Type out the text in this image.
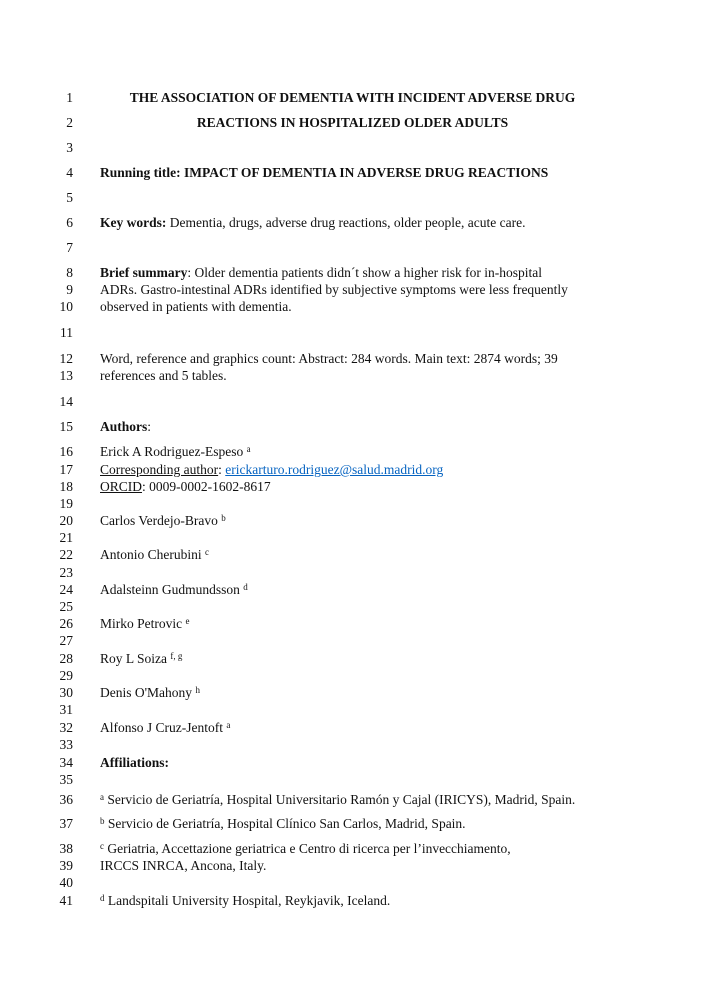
1	THE ASSOCIATION OF DEMENTIA WITH INCIDENT ADVERSE DRUG
2	REACTIONS IN HOSPITALIZED OLDER ADULTS
3
4 Running title: IMPACT OF DEMENTIA IN ADVERSE DRUG REACTIONS
5
6 Key words: Dementia, drugs, adverse drug reactions, older people, acute care.
7
8 Brief summary: Older dementia patients didn´t show a higher risk for in-hospital
9 ADRs. Gastro-intestinal ADRs identified by subjective symptoms were less frequently
10 observed in patients with dementia.
11
12 Word, reference and graphics count: Abstract: 284 words. Main text: 2874 words; 39
13 references and 5 tables.
14
15 Authors:
16 Erick A Rodriguez-Espeso $^a$
17 Corresponding author: erickarturo.rodriguez@salud.madrid.org
18 ORCID: 0009-0002-1602-8617
19
20 Carlos Verdejo-Bravo $^b$
21
22 Antonio Cherubini $^c$
23
24 Adalsteinn Gudmundsson $^d$
25
26 Mirko Petrovic $^e$
27
28 Roy L Soiza $^{f, g}$
29
30 Denis O'Mahony $^h$
31
32 Alfonso J Cruz-Jentoft $^a$
33
34 Affiliations:
35
36	$^a$ Servicio de Geriatría, Hospital Universitario Ramón y Cajal (IRICYS), Madrid, Spain.
37	$^b$ Servicio de Geriatría, Hospital Clínico San Carlos, Madrid, Spain.
38	$^c$ Geriatria, Accettazione geriatrica e Centro di ricerca per l’invecchiamento,
39 IRCCS INRCA, Ancona, Italy.
40
41	$^d$ Landspitali University Hospital, Reykjavik, Iceland.
